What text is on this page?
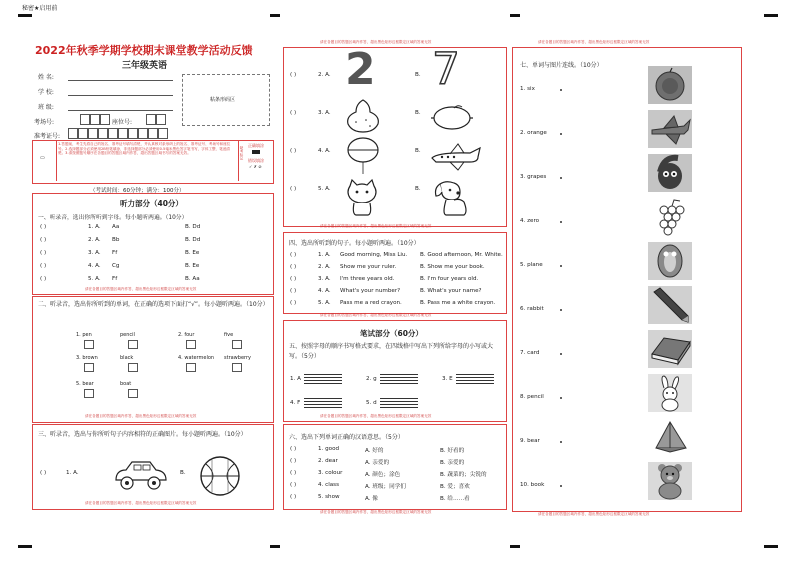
秘密★启用前
2022年秋季学期学校期末课堂教学活动反馈
三年级英语
姓 名:
学 校:
班 级:
考场号:	座位号:
准考证号:
粘条形码区
1.答题前，考生先将自己的姓名、准考证号填写清楚，并认真核对条形码上的姓名、准考证号、考场号和座位号。2.选择题部分必须使用2B铅笔填涂，非选择题部分必须使用0.5毫米黑色签字笔书写，字体工整、笔迹清楚。3.请按照题号顺序在各题目的答题区域内作答，超出答题区域书写的答案无效。
正确填涂
错误填涂
✓ ✗ ⊘
缺考标记
▭
（考试时间：60分钟；满分：100分）
听力部分（40分）
一、听录音，选出你所听到字母。每小题听两遍。（10分）
( )	1. A. Aa	B. Dd
( )	2. A. Bb	B. Dd
( )	3. A. Ff	B. Ee
( )	4. A. Cg	B. Ee
( )	5. A. Ff	B. Aa
请在各题目的答题区域内作答，超出黑色矩形边框限定区域的答案无效
二、听录音，选出你所听到的单词，在正确的选项下面打“√”。每小题听两遍。（10分）
1. pen	pencil	2. four	five
3. brown	black	4. watermelon strawberry
5. bear	boat
请在各题目的答题区域内作答，超出黑色矩形边框限定区域的答案无效
三、听录音，选出与你所听句子内容相符的正确图片。每小题听两遍。（10分）
( )	1. A.	B.
请在各题目的答题区域内作答，超出黑色矩形边框限定区域的答案无效
请在各题目的答题区域内作答，超出黑色矩形边框限定区域的答案无效
( )	2. A.	B.
( )	3. A.	B.
( )	4. A.	B.
( )	5. A.	B.
2 7
请在各题目的答题区域内作答，超出黑色矩形边框限定区域的答案无效
四、选出所听到的句子。每小题听两遍。（10分）
( )	1. A. Good morning, Miss Liu. B. Good afternoon, Mr. White.
( )	2. A. Show me your ruler.	B. Show me your book.
( )	3. A. I'm three years old.	B. I'm four years old.
( )	4. A. What's your number?	B. What's your name?
( )	5. A. Pass me a red crayon.	B. Pass me a white crayon.
请在各题目的答题区域内作答，超出黑色矩形边框限定区域的答案无效
笔试部分（60分）
五、按照字母的顺序书写格式要求，在四线格中写出下列所给字母的小写或大写。（5分）
1. A	2. g	3. E
4. F	5. d
请在各题目的答题区域内作答，超出黑色矩形边框限定区域的答案无效
六、选出下列单词正确的汉语意思。（5分）
( )	1. good	A. 好的	B. 好看的
( )	2. dear	A. 亲爱的	B. 亲爱的
( )	3. colour	A. 颜色；涂色	B. 蔬菜的；尖锐的
( )	4. class	A. 班级；同学们	B. 爱；喜欢
( )	5. show	A. 像	B. 给……看
请在各题目的答题区域内作答，超出黑色矩形边框限定区域的答案无效
请在各题目的答题区域内作答，超出黑色矩形边框限定区域的答案无效
七、单词与图片连线。（10分）
1. six
2. orange
3. grapes
4. zero
5. plane
6. rabbit
7. card
8. pencil
9. bear
10. book
请在各题目的答题区域内作答，超出黑色矩形边框限定区域的答案无效
